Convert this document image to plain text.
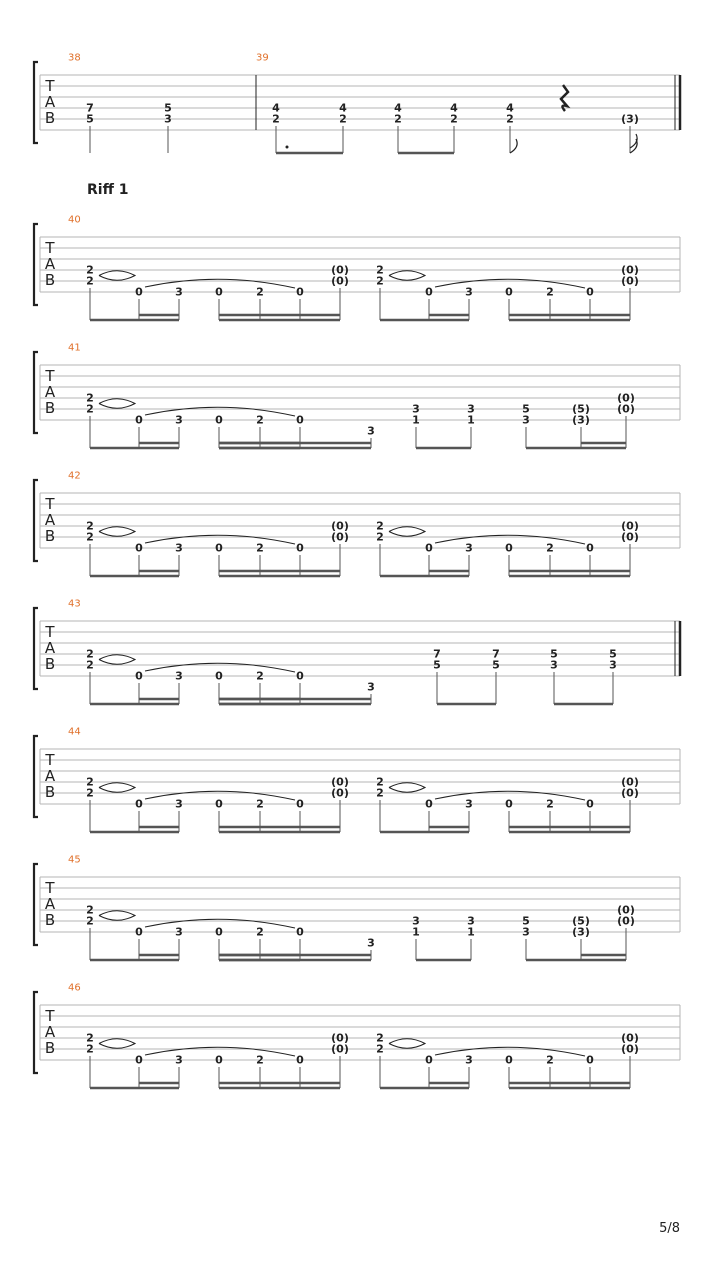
T
A
B
38	39
7
5
5
3
4
2
4
2
4
2
4
2
4
2	(3)
T
A
B
40
2
2
0	3	0	2	0
(0)
(0)
2
2
0	3	0	2	0
(0)
(0)
T
A
B
41
2
2
0	3	0	2	0
3
3
1
3
1
5
3
(5)
(3)
(0)
(0)
T
A
B
42
2
2
0	3	0	2	0
(0)
(0)
2
2
0	3	0	2	0
(0)
(0)
T
A
B
43
2
2
0	3	0	2	0
3
7
5
7
5
5
3
5
3
T
A
B
44
2
2
0	3	0	2	0
(0)
(0)
2
2
0	3	0	2	0
(0)
(0)
T
A
B
45
2
2
0	3	0	2	0
3
3
1
3
1
5
3
(5)
(3)
(0)
(0)
T
A
B
46
2
2
0	3	0	2	0
(0)
(0)
2
2
0	3	0	2	0
(0)
(0)
Riff 1
5/8
